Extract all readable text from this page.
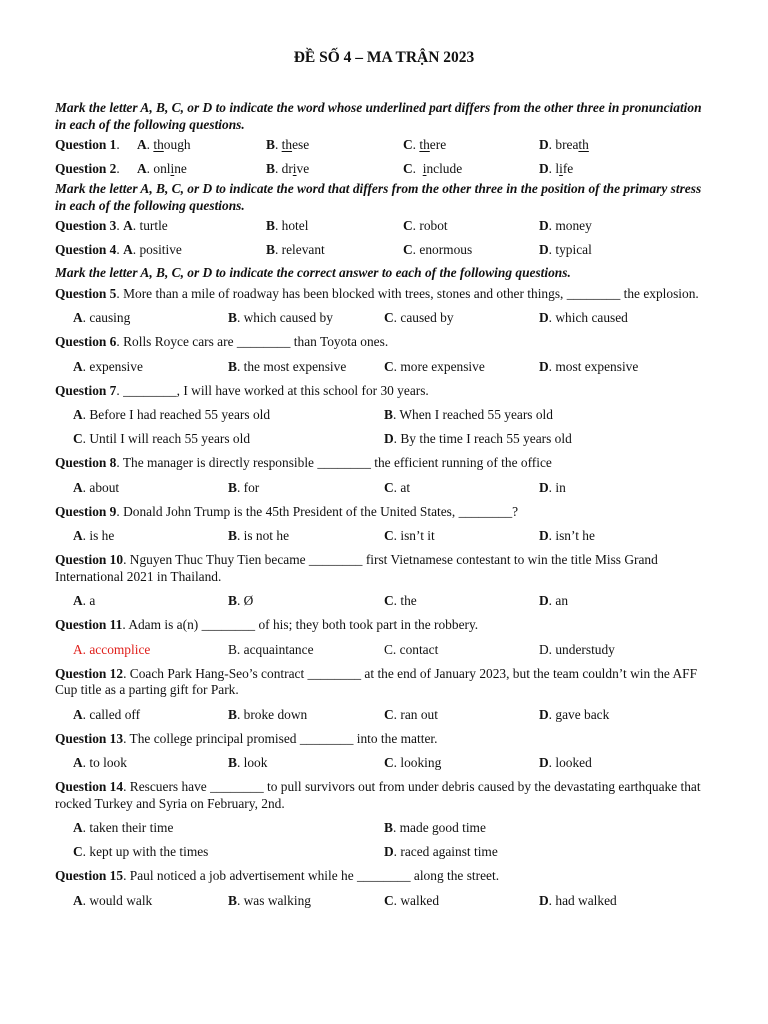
ĐỀ SỐ 4 – MA TRẬN 2023

Mark the letter A, B, C, or D to indicate the word whose underlined part differs from the other three in pronunciation in each of the following questions.

Question 1. A. though	B. these	C. there	D. breath
Question 2. A. online	B. drive	C.  include	D. life

Mark the letter A, B, C, or D to indicate the word that differs from the other three in the position of the primary stress in each of the following questions.

Question 3. A. turtle	B. hotel	C. robot	D. money
Question 4. A. positive	B. relevant	C. enormous	D. typical

Mark the letter A, B, C, or D to indicate the correct answer to each of the following questions.

Question 5. More than a mile of roadway has been blocked with trees, stones and other things, ________ the explosion.

A. causing	B. which caused by	C. caused by	D. which caused

Question 6. Rolls Royce cars are ________ than Toyota ones.

A. expensive	B. the most expensive	C. more expensive	D. most expensive

Question 7. ________, I will have worked at this school for 30 years.

A. Before I had reached 55 years old	B. When I reached 55 years old
C. Until I will reach 55 years old	D. By the time I reach 55 years old

Question 8. The manager is directly responsible ________ the efficient running of the office

A. about	B. for	C. at	D. in

Question 9. Donald John Trump is the 45th President of the United States, ________?

A. is he	B. is not he	C. isn’t it	D. isn’t he

Question 10. Nguyen Thuc Thuy Tien became ________ first Vietnamese contestant to win the title Miss Grand International 2021 in Thailand.

A. a	B. Ø	C. the	D. an

Question 11. Adam is a(n) ________ of his; they both took part in the robbery.

A. accomplice	B. acquaintance	C. contact	D. understudy

Question 12. Coach Park Hang-Seo’s contract ________ at the end of January 2023, but the team couldn’t win the AFF Cup title as a parting gift for Park.

A. called off	B. broke down	C. ran out	D. gave back

Question 13. The college principal promised ________ into the matter.

A. to look	B. look	C. looking	D. looked

Question 14. Rescuers have ________ to pull survivors out from under debris caused by the devastating earthquake that rocked Turkey and Syria on February, 2nd.

A. taken their time	B. made good time
C. kept up with the times	D. raced against time

Question 15. Paul noticed a job advertisement while he ________ along the street.

A. would walk	B. was walking	C. walked	D. had walked
